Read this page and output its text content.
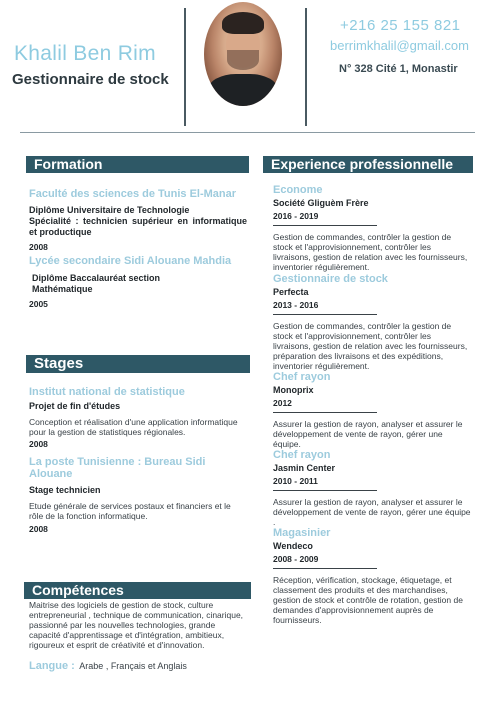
Khalil Ben Rim
Gestionnaire de stock
+216 25 155 821
berrimkhalil@gmail.com
N° 328 Cité 1, Monastir
Formation
Faculté des sciences de Tunis El-Manar
Diplôme Universitaire de Technologie
Spécialité : technicien supérieur en informatique et productique
2008
Lycée secondaire Sidi Alouane Mahdia
Diplôme Baccalauréat section Mathématique
2005
Stages
Institut national de statistique
Projet de fin d'études
Conception et réalisation d'une application informatique pour la gestion de statistiques régionales.
2008
La poste Tunisienne : Bureau Sidi Alouane
Stage technicien
Etude générale de services postaux et financiers et le rôle de la fonction informatique.
2008
Compétences
Maitrise des logiciels de gestion de stock, culture entrepreneurial , technique de communication, cinarique, passionné par les nouvelles technologies, grande capacité d'apprentissage et d'intégration, ambitieux, rigoureux et esprit de créativité et d'innovation.
Langue : Arabe , Français et Anglais
Experience professionnelle
Econome
Société Gliguèm Frère
2016 - 2019
Gestion de commandes, contrôler la gestion de stock et l'approvisionnement, contrôler les livraisons, gestion de relation avec les fournisseurs, inventorier régulièrement.
Gestionnaire de stock
Perfecta
2013 - 2016
Gestion de commandes, contrôler la gestion de stock et l'approvisionnement, contrôler les livraisons, gestion de relation avec les fournisseurs, préparation des livraisons et des expéditions, inventorier régulièrement.
Chef rayon
Monoprix
2012
Assurer la gestion de rayon, analyser et assurer le développement de vente de rayon, gérer une équipe.
Chef rayon
Jasmin Center
2010 - 2011
Assurer la gestion de rayon, analyser et assurer le développement de vente de rayon, gérer une équipe .
Magasinier
Wendeco
2008 - 2009
Réception, vérification, stockage, étiquetage, et classement des produits et des marchandises, gestion de stock et contrôle de rotation, gestion de demandes d'approvisionnement auprès de fournisseurs.
